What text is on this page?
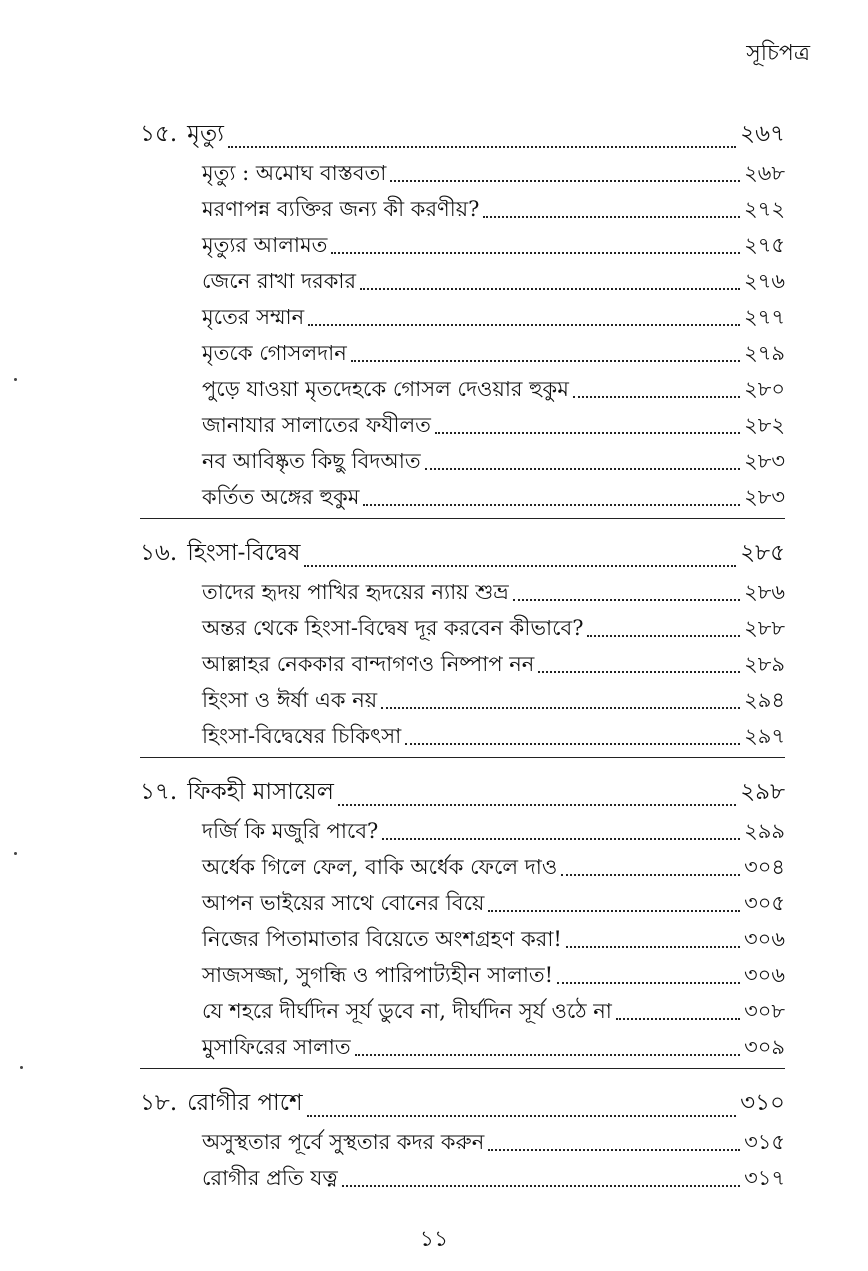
সূচিপত্র
১৫. মৃত্যু	২৬৭
মৃত্যু : অমোঘ বাস্তবতা	২৬৮
মরণাপন্ন ব্যক্তির জন্য কী করণীয়?	২৭২
মৃত্যুর আলামত	২৭৫
জেনে রাখা দরকার	২৭৬
মৃতের সম্মান	২৭৭
মৃতকে গোসলদান	২৭৯
পুড়ে যাওয়া মৃতদেহকে গোসল দেওয়ার হুকুম	২৮০
জানাযার সালাতের ফযীলত	২৮২
নব আবিষ্কৃত কিছু বিদআত	২৮৩
কর্তিত অঙ্গের হুকুম	২৮৩
১৬. হিংসা-বিদ্বেষ	২৮৫
তাদের হৃদয় পাখির হৃদয়ের ন্যায় শুভ্র	২৮৬
অন্তর থেকে হিংসা-বিদ্বেষ দূর করবেন কীভাবে?	২৮৮
আল্লাহর নেককার বান্দাগণও নিষ্পাপ নন	২৮৯
হিংসা ও ঈর্ষা এক নয়	২৯৪
হিংসা-বিদ্বেষের চিকিৎসা	২৯৭
১৭. ফিকহী মাসায়েল	২৯৮
দর্জি কি মজুরি পাবে?	২৯৯
অর্ধেক গিলে ফেল, বাকি অর্ধেক ফেলে দাও	৩০৪
আপন ভাইয়ের সাথে বোনের বিয়ে	৩০৫
নিজের পিতামাতার বিয়েতে অংশগ্রহণ করা!	৩০৬
সাজসজ্জা, সুগন্ধি ও পারিপাট্যহীন সালাত!	৩০৬
যে শহরে দীর্ঘদিন সূর্য ডুবে না, দীর্ঘদিন সূর্য ওঠে না	৩০৮
মুসাফিরের সালাত	৩০৯
১৮. রোগীর পাশে	৩১০
অসুস্থতার পূর্বে সুস্থতার কদর করুন	৩১৫
রোগীর প্রতি যত্ন	৩১৭
১১
